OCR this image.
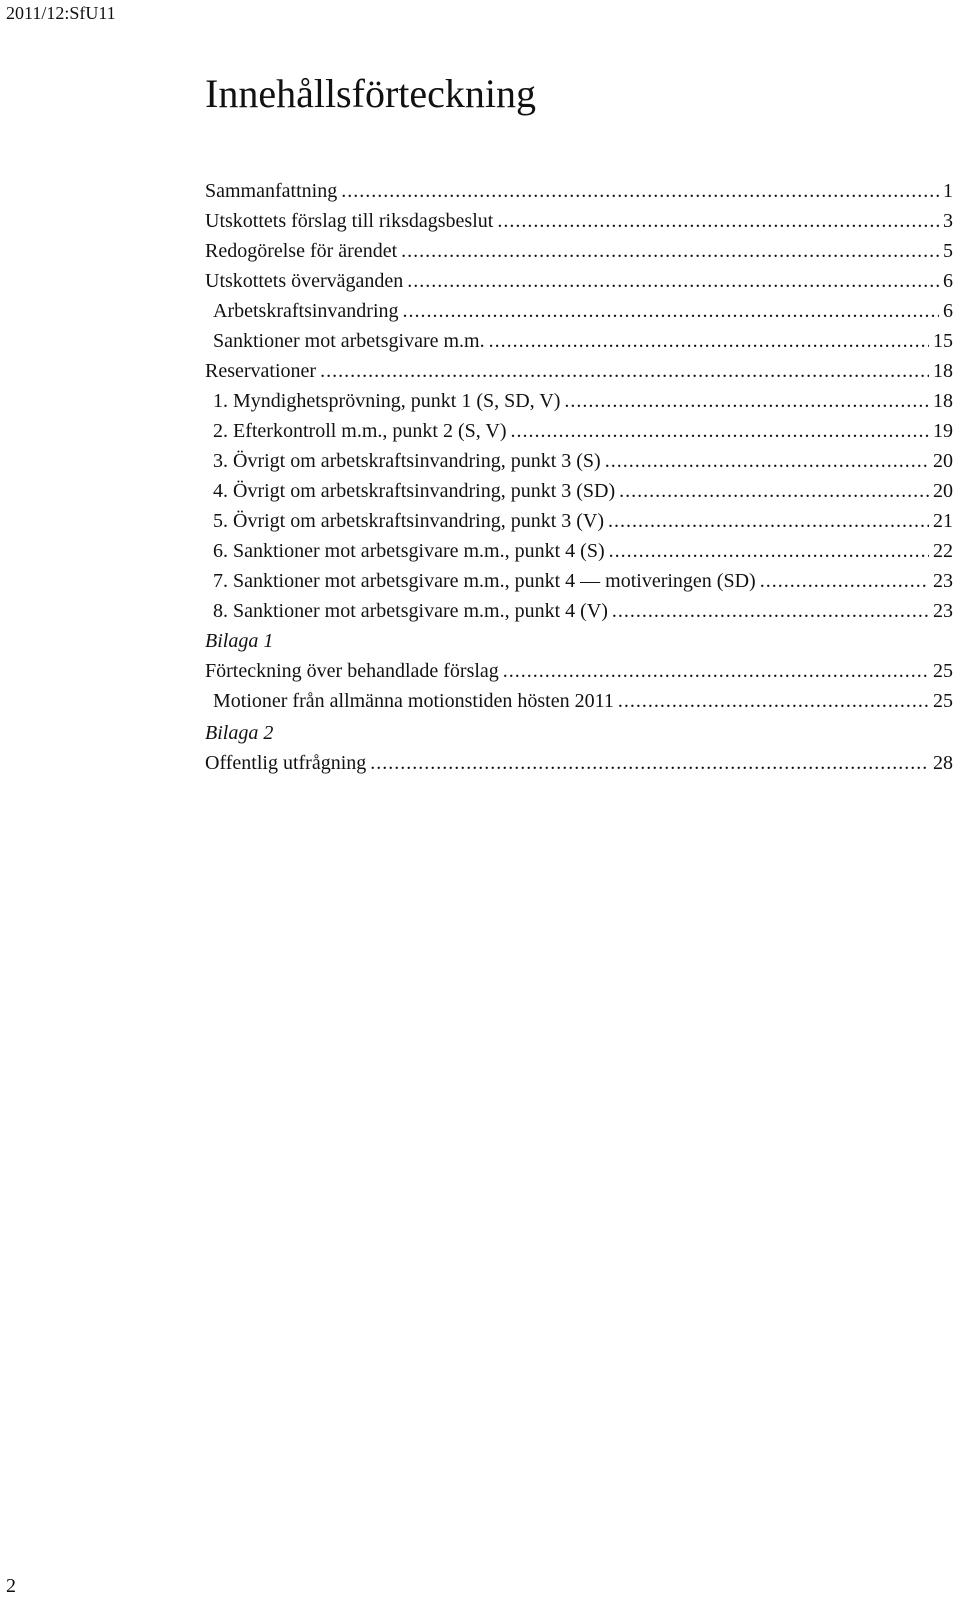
2011/12:SfU11
Innehållsförteckning
Sammanfattning .....	1
Utskottets förslag till riksdagsbeslut .....	3
Redogörelse för ärendet .....	5
Utskottets överväganden .....	6
Arbetskraftsinvandring .....	6
Sanktioner mot arbetsgivare m.m. .....	15
Reservationer .....	18
1. Myndighetsprövning, punkt 1 (S, SD, V) .....	18
2. Efterkontroll m.m., punkt 2 (S, V) .....	19
3. Övrigt om arbetskraftsinvandring, punkt 3 (S) .....	20
4. Övrigt om arbetskraftsinvandring, punkt 3 (SD) .....	20
5. Övrigt om arbetskraftsinvandring, punkt 3 (V) .....	21
6. Sanktioner mot arbetsgivare m.m., punkt 4 (S) .....	22
7. Sanktioner mot arbetsgivare m.m., punkt 4 — motiveringen (SD) .....	23
8. Sanktioner mot arbetsgivare m.m., punkt 4 (V) .....	23
Bilaga 1
Förteckning över behandlade förslag .....	25
Motioner från allmänna motionstiden hösten 2011 .....	25
Bilaga 2
Offentlig utfrågning .....	28
2
